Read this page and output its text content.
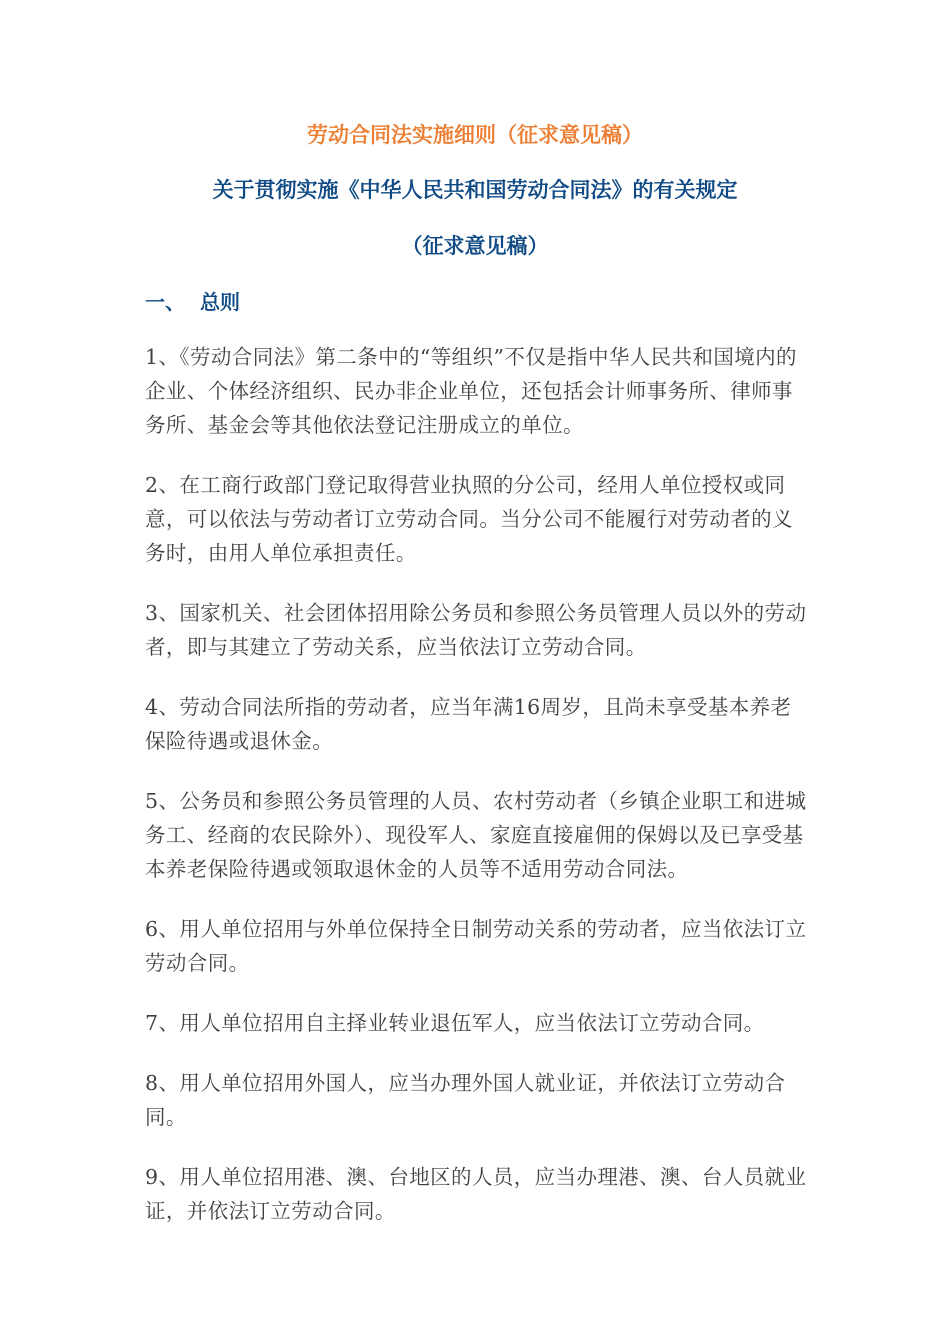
劳动合同法实施细则（征求意见稿）
关于贯彻实施《中华人民共和国劳动合同法》的有关规定
（征求意见稿）
一、 总则

1、《劳动合同法》第二条中的“等组织”不仅是指中华人民共和国境内的企业、个体经济组织、民办非企业单位，还包括会计师事务所、律师事务所、基金会等其他依法登记注册成立的单位。

2、在工商行政部门登记取得营业执照的分公司，经用人单位授权或同意，可以依法与劳动者订立劳动合同。当分公司不能履行对劳动者的义务时，由用人单位承担责任。

3、国家机关、社会团体招用除公务员和参照公务员管理人员以外的劳动者，即与其建立了劳动关系，应当依法订立劳动合同。

4、劳动合同法所指的劳动者，应当年满16周岁，且尚未享受基本养老保险待遇或退休金。

5、公务员和参照公务员管理的人员、农村劳动者（乡镇企业职工和进城务工、经商的农民除外）、现役军人、家庭直接雇佣的保姆以及已享受基本养老保险待遇或领取退休金的人员等不适用劳动合同法。

6、用人单位招用与外单位保持全日制劳动关系的劳动者，应当依法订立劳动合同。

7、用人单位招用自主择业转业退伍军人，应当依法订立劳动合同。

8、用人单位招用外国人，应当办理外国人就业证，并依法订立劳动合同。

9、用人单位招用港、澳、台地区的人员，应当办理港、澳、台人员就业证，并依法订立劳动合同。
